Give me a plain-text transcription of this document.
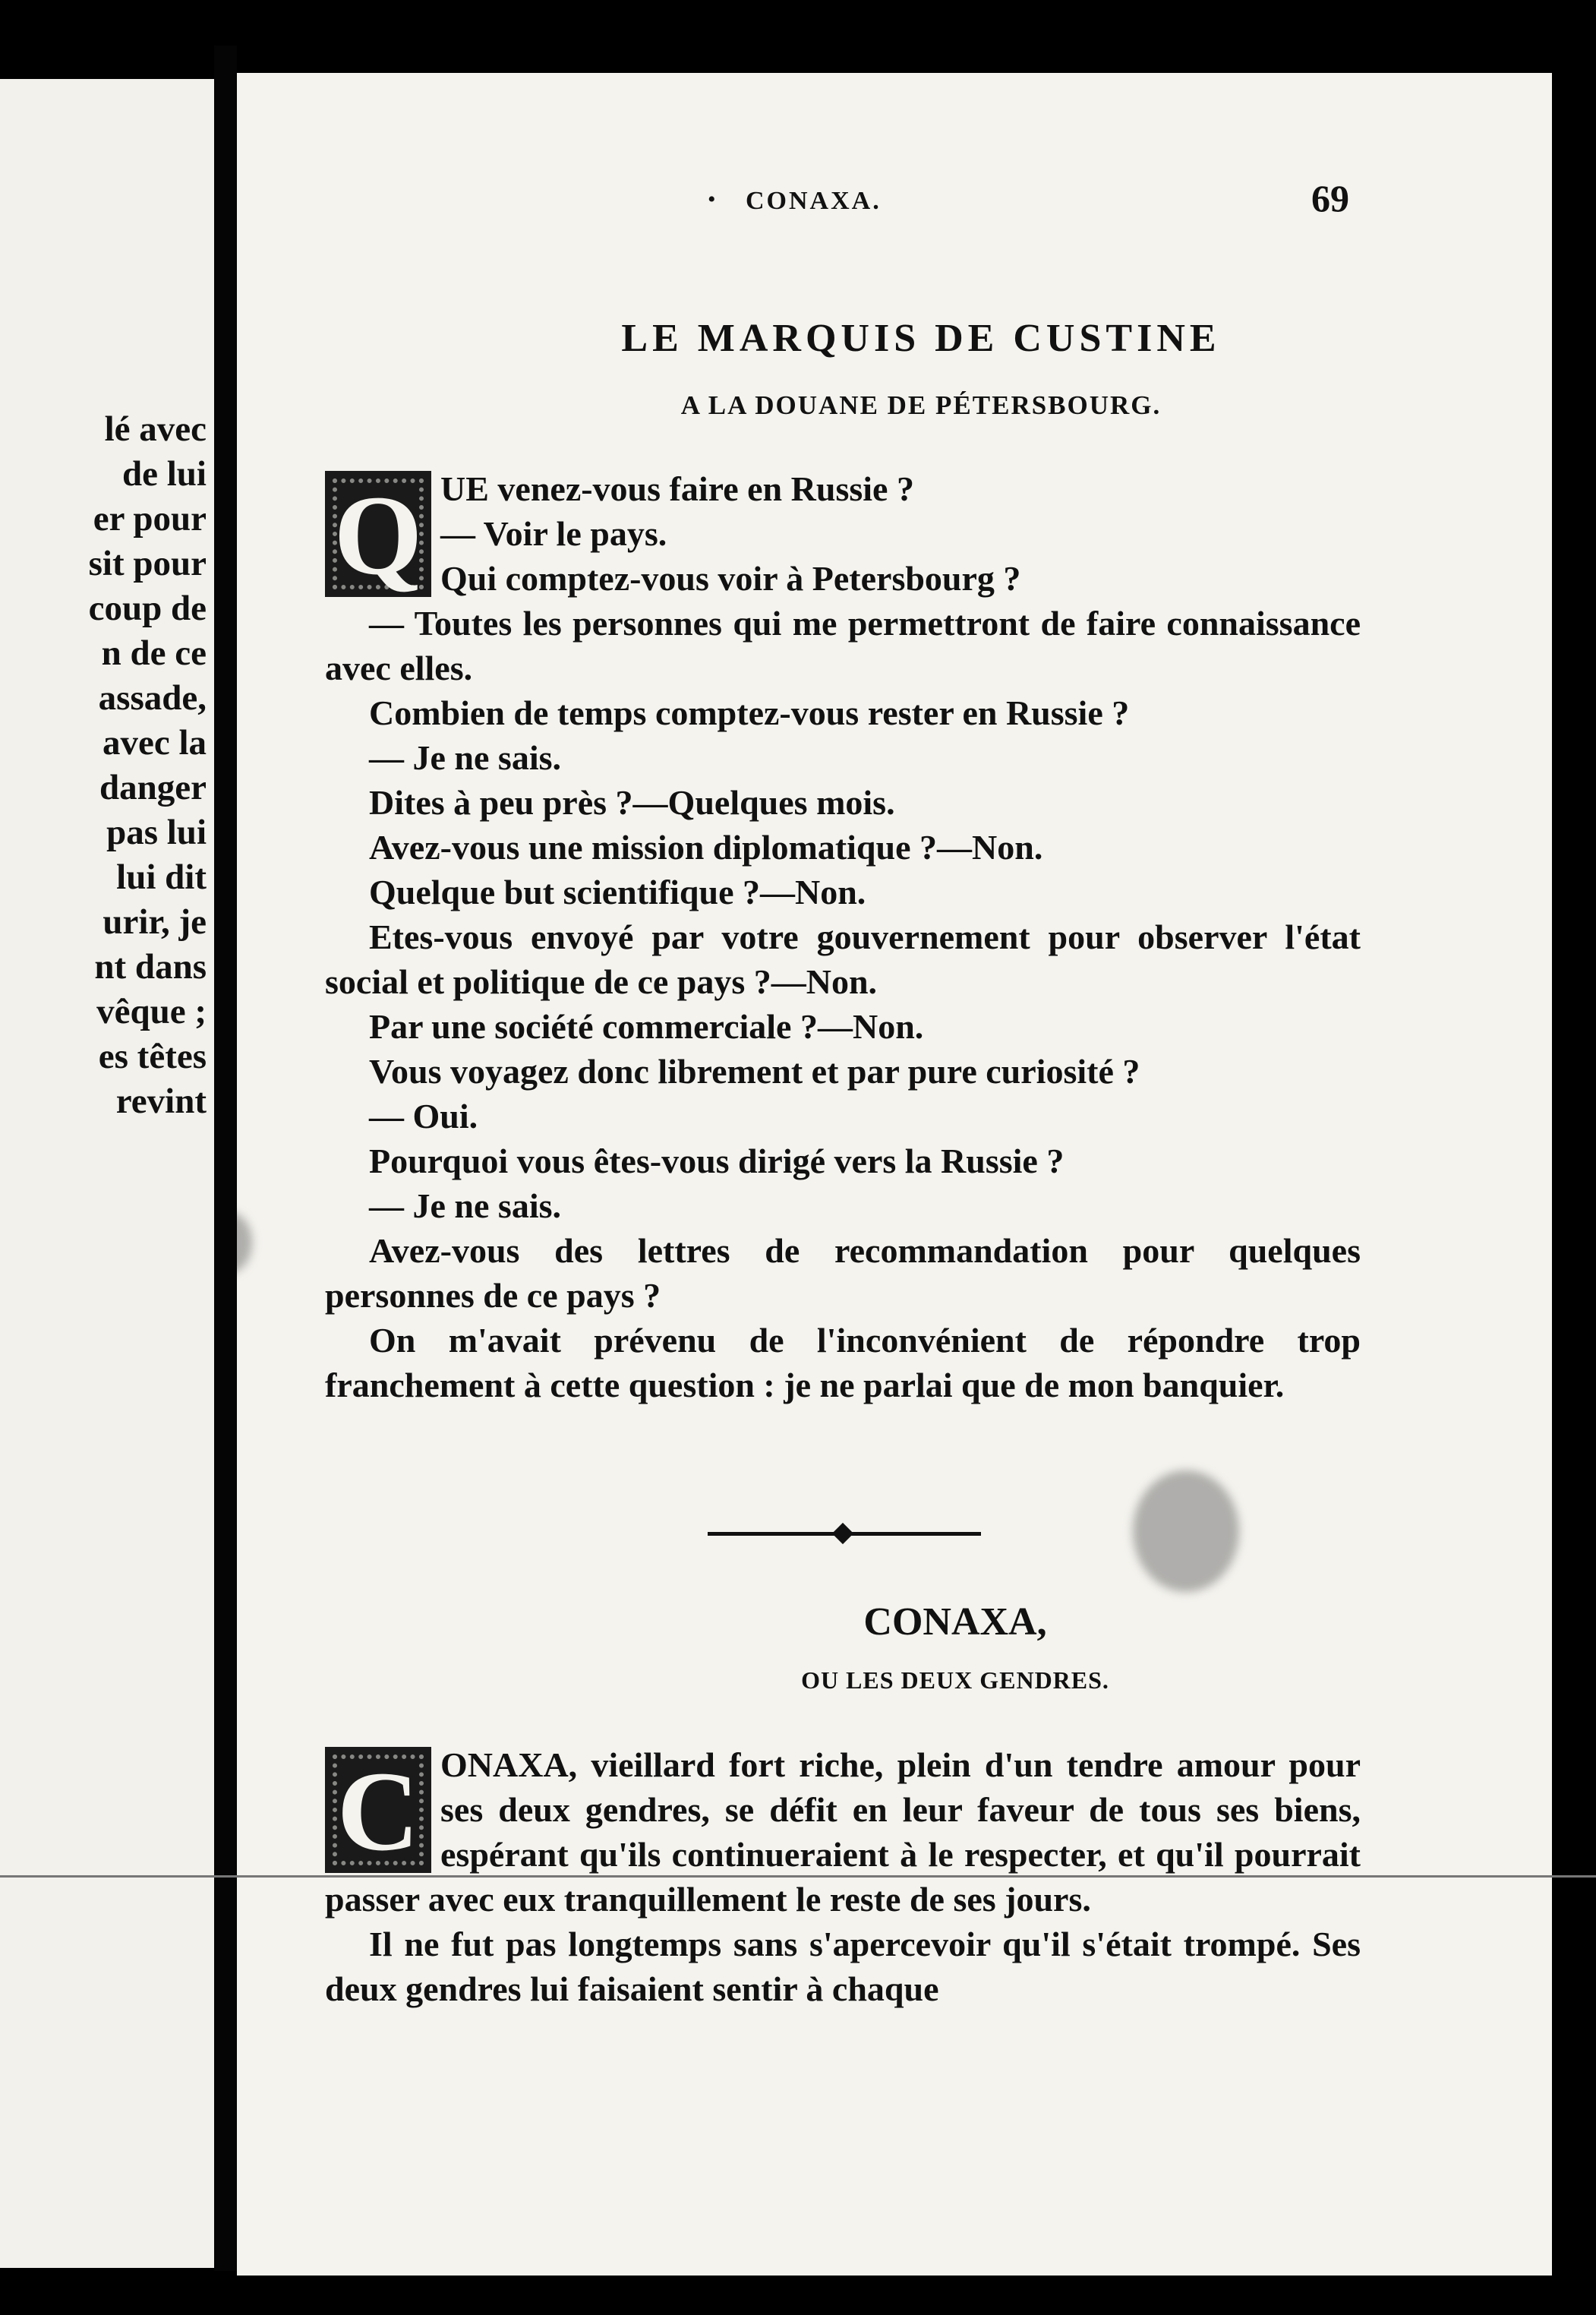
lé avec
de lui
er pour
sit pour
coup de
n de ce
assade,
avec la
danger
pas lui
lui dit
urir, je
nt dans
vêque ;
es têtes
revint
• CONAXA.	69
LE MARQUIS DE CUSTINE
A LA DOUANE DE PÉTERSBOURG.
Q UE venez-vous faire en Russie ?
— Voir le pays.
Qui comptez-vous voir à Petersbourg ?
— Toutes les personnes qui me permettront de faire connaissance avec elles.
Combien de temps comptez-vous rester en Russie ?
— Je ne sais.
Dites à peu près ?—Quelques mois.
Avez-vous une mission diplomatique ?—Non.
Quelque but scientifique ?—Non.
Etes-vous envoyé par votre gouvernement pour observer l'état social et politique de ce pays ?—Non.
Par une société commerciale ?—Non.
Vous voyagez donc librement et par pure curiosité ?
— Oui.
Pourquoi vous êtes-vous dirigé vers la Russie ?
— Je ne sais.
Avez-vous des lettres de recommandation pour quelques personnes de ce pays ?
On m'avait prévenu de l'inconvénient de répondre trop franchement à cette question : je ne parlai que de mon banquier.
CONAXA,
OU LES DEUX GENDRES.
C ONAXA, vieillard fort riche, plein d'un tendre amour pour ses deux gendres, se défit en leur faveur de tous ses biens, espérant qu'ils continueraient à le respecter, et qu'il pourrait passer avec eux tranquillement le reste de ses jours.
Il ne fut pas longtemps sans s'apercevoir qu'il s'était trompé. Ses deux gendres lui faisaient sentir à chaque
